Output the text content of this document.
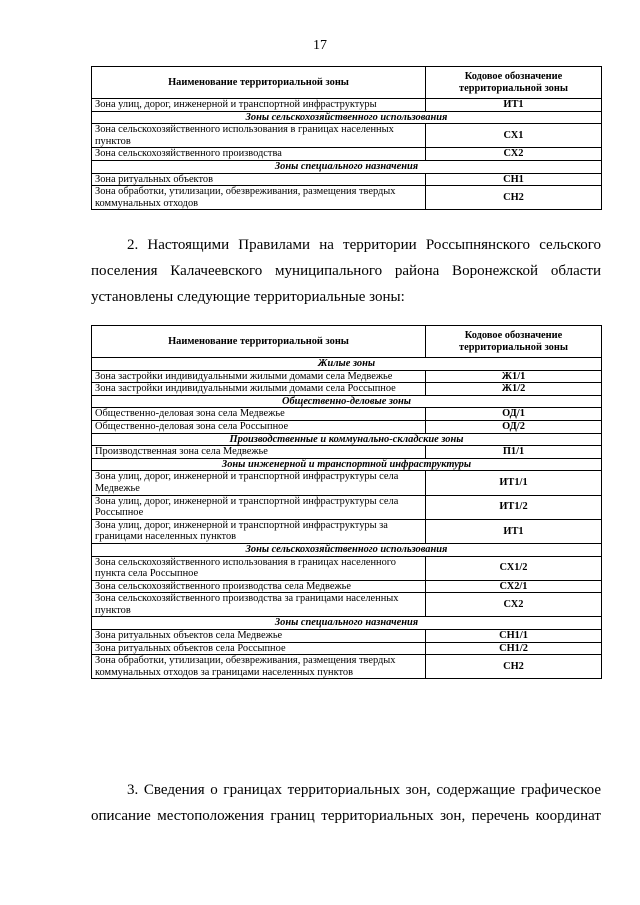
17
Наименование территориальной зоны	Кодовое обозначение территориальной зоны
Зона улиц, дорог, инженерной и транспортной инфраструктуры	ИТ1
Зоны сельскохозяйственного использования	
Зона сельскохозяйственного использования в границах населенных пунктов	СХ1
Зона сельскохозяйственного производства	СХ2
Зоны специального назначения	
Зона ритуальных объектов	СН1
Зона обработки, утилизации, обезвреживания, размещения твердых коммунальных отходов	СН2
2. Настоящими Правилами на территории Россыпнянского сельского
поселения Калачеевского муниципального района Воронежской области
установлены следующие территориальные зоны:
Наименование территориальной зоны	Кодовое обозначение территориальной зоны
Жилые зоны	
Зона застройки индивидуальными жилыми домами села Медвежье	Ж1/1
Зона застройки индивидуальными жилыми домами села Россыпное	Ж1/2
Общественно-деловые зоны	
Общественно-деловая зона села Медвежье	ОД/1
Общественно-деловая зона села Россыпное	ОД/2
Производственные и коммунально-складские зоны	
Производственная зона села Медвежье	П1/1
Зоны инженерной и транспортной инфраструктуры	
Зона улиц, дорог, инженерной и транспортной инфраструктуры села Медвежье	ИТ1/1
Зона улиц, дорог, инженерной и транспортной инфраструктуры села Россыпное	ИТ1/2
Зона улиц, дорог, инженерной и транспортной инфраструктуры за границами населенных пунктов	ИТ1
Зоны сельскохозяйственного использования	
Зона сельскохозяйственного использования в границах населенного пункта села Россыпное	СХ1/2
Зона сельскохозяйственного производства села Медвежье	СХ2/1
Зона сельскохозяйственного производства за границами населенных пунктов	СХ2
Зоны специального назначения	
Зона ритуальных объектов села Медвежье	СН1/1
Зона ритуальных объектов села Россыпное	СН1/2
Зона обработки, утилизации, обезвреживания, размещения твердых коммунальных отходов за границами населенных пунктов	СН2
3. Сведения о границах территориальных зон, содержащие графическое
описание местоположения границ территориальных зон, перечень координат
